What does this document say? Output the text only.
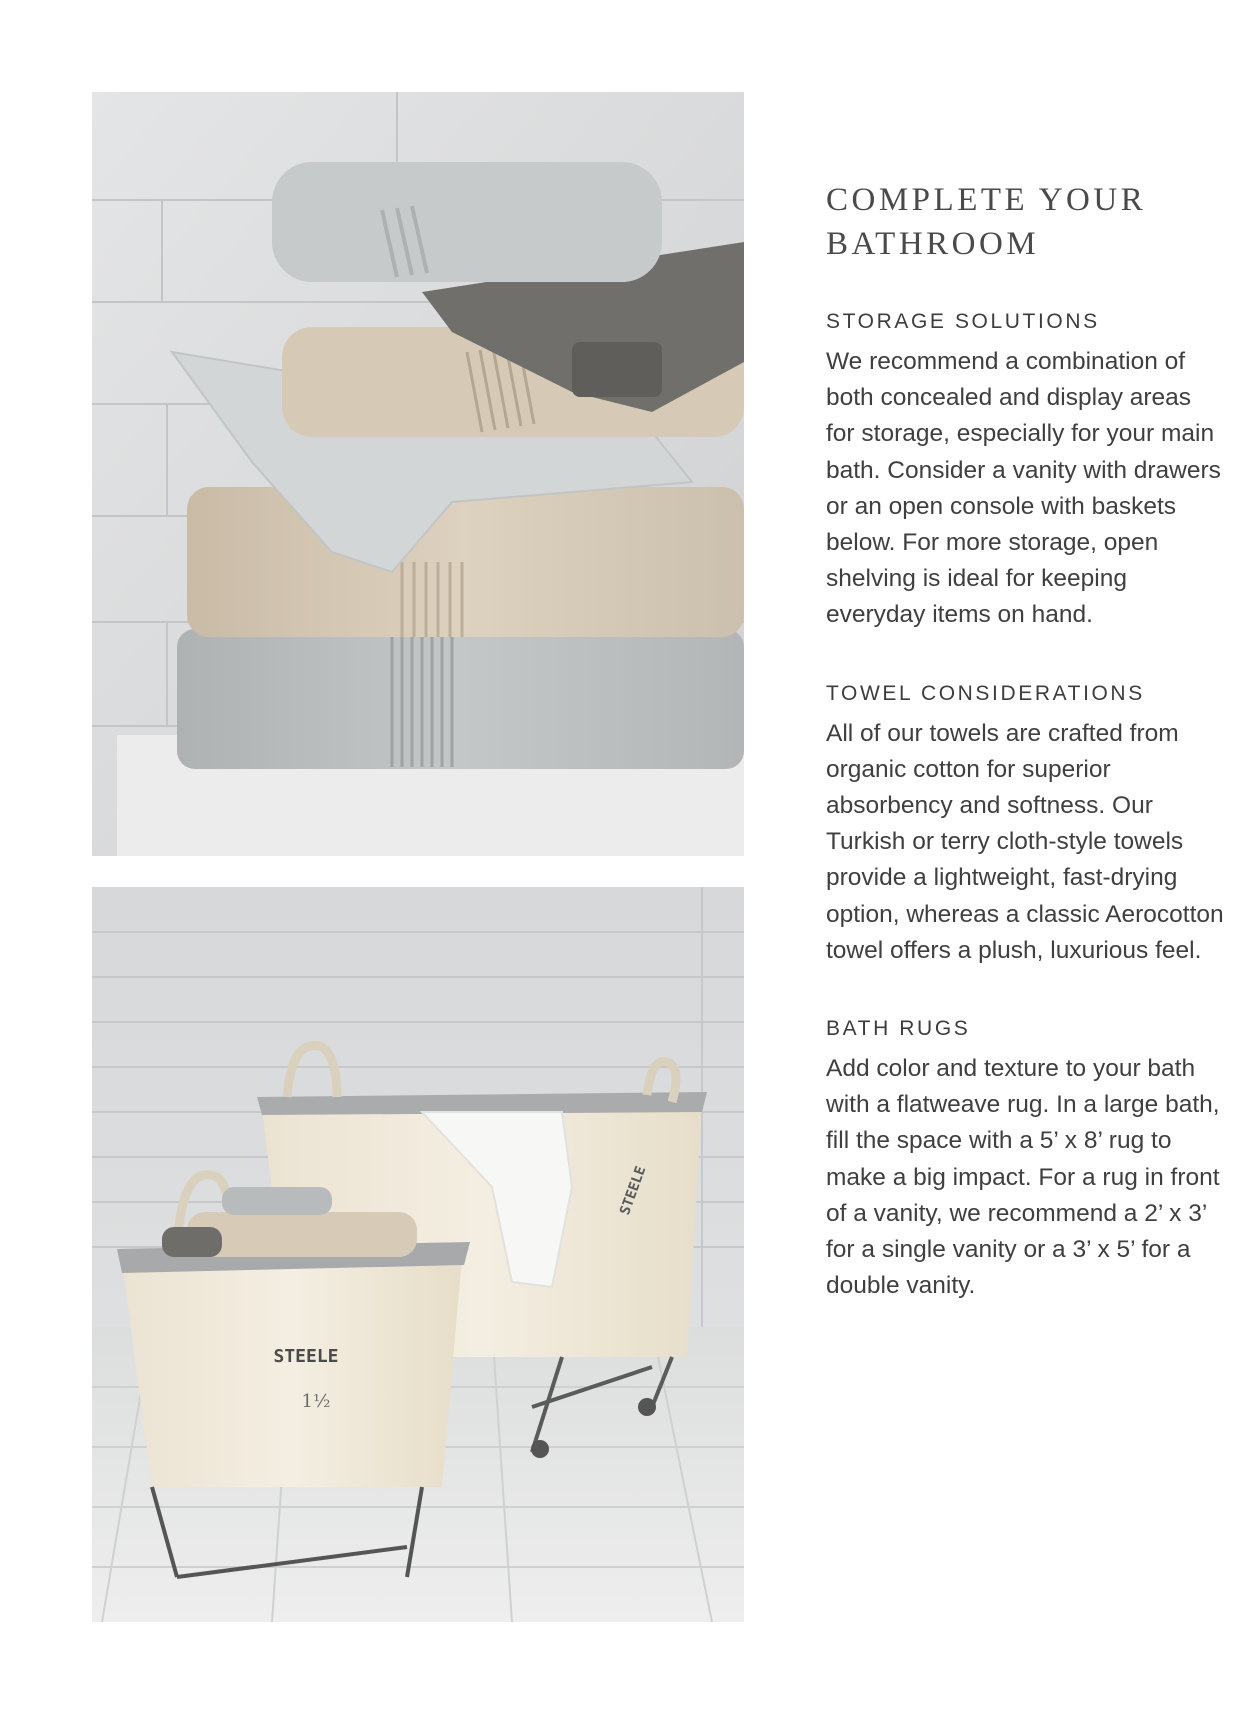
STEELE
1½
STEELE
COMPLETE YOUR BATHROOM
STORAGE SOLUTIONS

We recommend a combination of both concealed and display areas for storage, especially for your main bath. Consider a vanity with drawers or an open console with baskets below. For more storage, open shelving is ideal for keeping everyday items on hand.

TOWEL CONSIDERATIONS

All of our towels are crafted from organic cotton for superior absorbency and softness. Our Turkish or terry cloth-style towels provide a lightweight, fast-drying option, whereas a classic Aerocotton towel offers a plush, luxurious feel.

BATH RUGS

Add color and texture to your bath with a flatweave rug. In a large bath, fill the space with a 5’ x 8’ rug to make a big impact. For a rug in front of a vanity, we recommend a 2’ x 3’ for a single vanity or a 3’ x 5’ for a double vanity.
